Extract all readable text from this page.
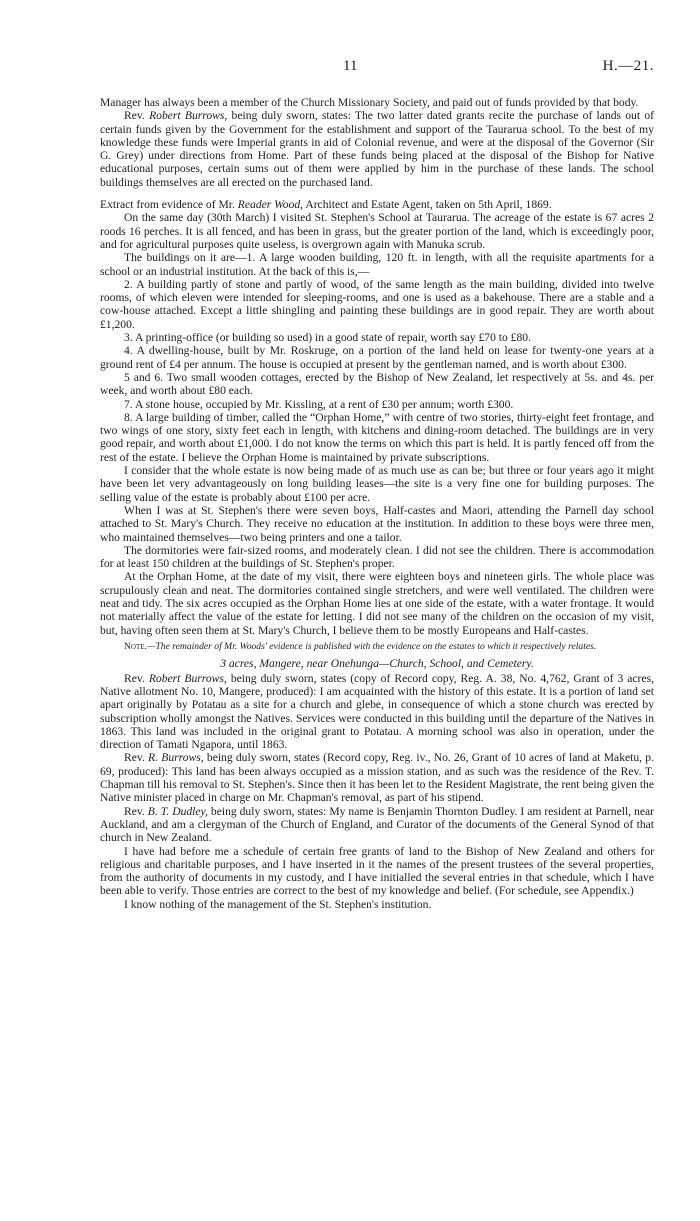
11	H.—21.

Manager has always been a member of the Church Missionary Society, and paid out of funds provided by that body.

Rev. Robert Burrows, being duly sworn, states: The two latter dated grants recite the purchase of lands out of certain funds given by the Government for the establishment and support of the Taurarua school. To the best of my knowledge these funds were Imperial grants in aid of Colonial revenue, and were at the disposal of the Governor (Sir G. Grey) under directions from Home. Part of these funds being placed at the disposal of the Bishop for Native educational purposes, certain sums out of them were applied by him in the purchase of these lands. The school buildings themselves are all erected on the purchased land.

Extract from evidence of Mr. Reader Wood, Architect and Estate Agent, taken on 5th April, 1869.

On the same day (30th March) I visited St. Stephen's School at Taurarua. The acreage of the estate is 67 acres 2 roods 16 perches. It is all fenced, and has been in grass, but the greater portion of the land, which is exceedingly poor, and for agricultural purposes quite useless, is overgrown again with Manuka scrub.

The buildings on it are—1. A large wooden building, 120 ft. in length, with all the requisite apartments for a school or an industrial institution. At the back of this is,—

2. A building partly of stone and partly of wood, of the same length as the main building, divided into twelve rooms, of which eleven were intended for sleeping-rooms, and one is used as a bakehouse. There are a stable and a cow-house attached. Except a little shingling and painting these buildings are in good repair. They are worth about £1,200.

3. A printing-office (or building so used) in a good state of repair, worth say £70 to £80.

4. A dwelling-house, built by Mr. Roskruge, on a portion of the land held on lease for twenty-one years at a ground rent of £4 per annum. The house is occupied at present by the gentleman named, and is worth about £300.

5 and 6. Two small wooden cottages, erected by the Bishop of New Zealand, let respectively at 5s. and 4s. per week, and worth about £80 each.

7. A stone house, occupied by Mr. Kissling, at a rent of £30 per annum; worth £300.

8. A large building of timber, called the “Orphan Home,” with centre of two stories, thirty-eight feet frontage, and two wings of one story, sixty feet each in length, with kitchens and dining-room detached. The buildings are in very good repair, and worth about £1,000. I do not know the terms on which this part is held. It is partly fenced off from the rest of the estate. I believe the Orphan Home is maintained by private subscriptions.

I consider that the whole estate is now being made of as much use as can be; but three or four years ago it might have been let very advantageously on long building leases—the site is a very fine one for building purposes. The selling value of the estate is probably about £100 per acre.

When I was at St. Stephen's there were seven boys, Half-castes and Maori, attending the Parnell day school attached to St. Mary's Church. They receive no education at the institution. In addition to these boys were three men, who maintained themselves—two being printers and one a tailor.

The dormitories were fair-sized rooms, and moderately clean. I did not see the children. There is accommodation for at least 150 children at the buildings of St. Stephen's proper.

At the Orphan Home, at the date of my visit, there were eighteen boys and nineteen girls. The whole place was scrupulously clean and neat. The dormitories contained single stretchers, and were well ventilated. The children were neat and tidy. The six acres occupied as the Orphan Home lies at one side of the estate, with a water frontage. It would not materially affect the value of the estate for letting. I did not see many of the children on the occasion of my visit, but, having often seen them at St. Mary's Church, I believe them to be mostly Europeans and Half-castes.

Note.—The remainder of Mr. Woods' evidence is published with the evidence on the estates to which it respectively relates.

3 acres, Mangere, near Onehunga—Church, School, and Cemetery.

Rev. Robert Burrows, being duly sworn, states (copy of Record copy, Reg. A. 38, No. 4,762, Grant of 3 acres, Native allotment No. 10, Mangere, produced): I am acquainted with the history of this estate. It is a portion of land set apart originally by Potatau as a site for a church and glebe, in consequence of which a stone church was erected by subscription wholly amongst the Natives. Services were conducted in this building until the departure of the Natives in 1863. This land was included in the original grant to Potatau. A morning school was also in operation, under the direction of Tamati Ngapora, until 1863.

Rev. R. Burrows, being duly sworn, states (Record copy, Reg. iv., No. 26, Grant of 10 acres of land at Maketu, p. 69, produced): This land has been always occupied as a mission station, and as such was the residence of the Rev. T. Chapman till his removal to St. Stephen's. Since then it has been let to the Resident Magistrate, the rent being given the Native minister placed in charge on Mr. Chapman's removal, as part of his stipend.

Rev. B. T. Dudley, being duly sworn, states: My name is Benjamin Thornton Dudley. I am resident at Parnell, near Auckland, and am a clergyman of the Church of England, and Curator of the documents of the General Synod of that church in New Zealand.

I have had before me a schedule of certain free grants of land to the Bishop of New Zealand and others for religious and charitable purposes, and I have inserted in it the names of the present trustees of the several properties, from the authority of documents in my custody, and I have initialled the several entries in that schedule, which I have been able to verify. Those entries are correct to the best of my knowledge and belief. (For schedule, see Appendix.)

I know nothing of the management of the St. Stephen's institution.
